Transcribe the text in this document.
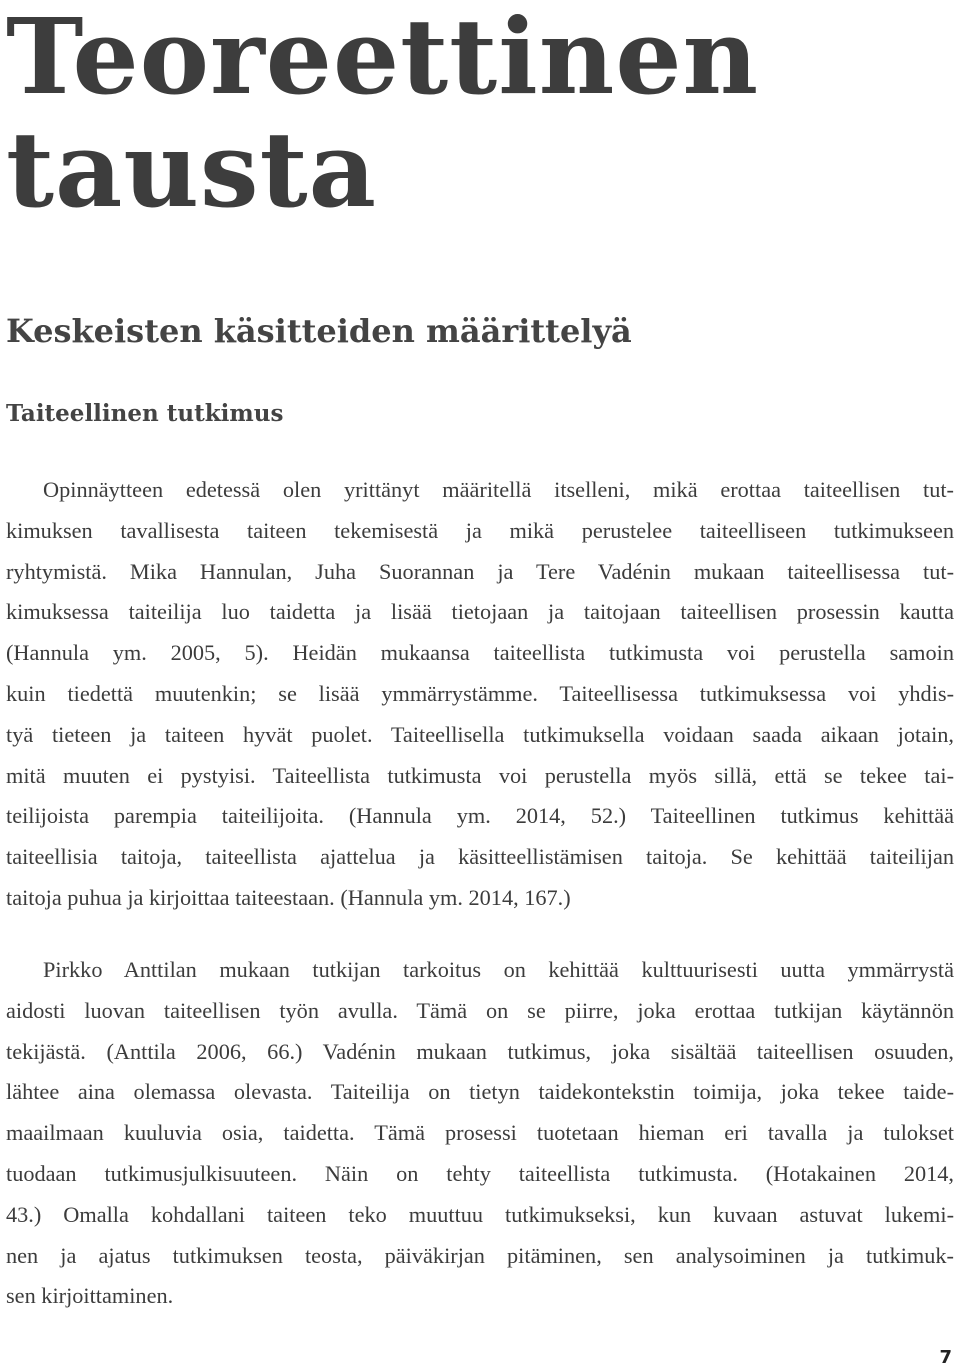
Teoreettinen
tausta
Keskeisten käsitteiden määrittelyä
Taiteellinen tutkimus

Opinnäytteen edetessä olen yrittänyt määritellä itselleni, mikä erottaa taiteellisen tut-
kimuksen tavallisesta taiteen tekemisestä ja mikä perustelee taiteelliseen tutkimukseen
ryhtymistä. Mika Hannulan, Juha Suorannan ja Tere Vadénin mukaan taiteellisessa tut-
kimuksessa taiteilija luo taidetta ja lisää tietojaan ja taitojaan taiteellisen prosessin kautta
(Hannula ym. 2005, 5). Heidän mukaansa taiteellista tutkimusta voi perustella samoin
kuin tiedettä muutenkin; se lisää ymmärrystämme. Taiteellisessa tutkimuksessa voi yhdis-
tyä tieteen ja taiteen hyvät puolet. Taiteellisella tutkimuksella voidaan saada aikaan jotain,
mitä muuten ei pystyisi. Taiteellista tutkimusta voi perustella myös sillä, että se tekee tai-
teilijoista parempia taiteilijoita. (Hannula ym. 2014, 52.) Taiteellinen tutkimus kehittää
taiteellisia taitoja, taiteellista ajattelua ja käsitteellistämisen taitoja. Se kehittää taiteilijan
taitoja puhua ja kirjoittaa taiteestaan. (Hannula ym. 2014, 167.)

Pirkko Anttilan mukaan tutkijan tarkoitus on kehittää kulttuurisesti uutta ymmärrystä
aidosti luovan taiteellisen työn avulla. Tämä on se piirre, joka erottaa tutkijan käytännön
tekijästä. (Anttila 2006, 66.) Vadénin mukaan tutkimus, joka sisältää taiteellisen osuuden,
lähtee aina olemassa olevasta. Taiteilija on tietyn taidekontekstin toimija, joka tekee taide-
maailmaan kuuluvia osia, taidetta. Tämä prosessi tuotetaan hieman eri tavalla ja tulokset
tuodaan tutkimusjulkisuuteen. Näin on tehty taiteellista tutkimusta. (Hotakainen 2014,
43.) Omalla kohdallani taiteen teko muuttuu tutkimukseksi, kun kuvaan astuvat lukemi-
nen ja ajatus tutkimuksen teosta, päiväkirjan pitäminen, sen analysoiminen ja tutkimuk-
sen kirjoittaminen.

7
